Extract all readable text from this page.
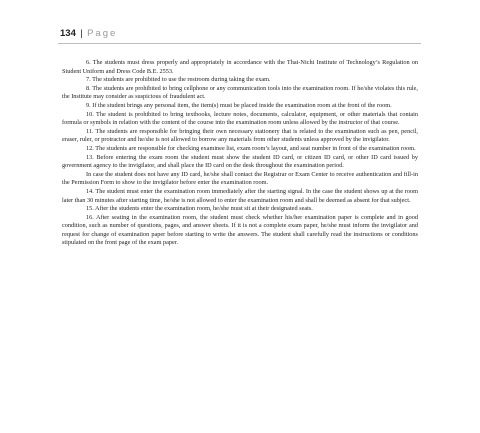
134 | Page

6. The students must dress properly and appropriately in accordance with the Thai-Nichi Institute of Technology’s Regulation on Student Uniform and Dress Code B.E. 2553.

7. The students are prohibited to use the restroom during taking the exam.

8. The students are prohibited to bring cellphone or any communication tools into the examination room. If he/she violates this rule, the Institute may consider as suspicious of fraudulent act.

9. If the student brings any personal item, the item(s) must be placed inside the examination room at the front of the room.

10. The student is prohibited to bring textbooks, lecture notes, documents, calculator, equipment, or other materials that contain formula or symbols in relation with the content of the course into the examination room unless allowed by the instructor of that course.

11. The students are responsible for bringing their own necessary stationery that is related to the examination such as pen, pencil, eraser, ruler, or protractor and he/she is not allowed to borrow any materials from other students unless approved by the invigilator.

12. The students are responsible for checking examinee list, exam room’s layout, and seat number in front of the examination room.

13. Before entering the exam room the student must show the student ID card, or citizen ID card, or other ID card issued by government agency to the invigilator, and shall place the ID card on the desk throughout the examination period.

In case the student does not have any ID card, he/she shall contact the Registrar or Exam Center to receive authentication and fill-in the Permission Form to show to the invigilator before enter the examination room.

14. The student must enter the examination room immediately after the starting signal. In the case the student shows up at the room later than 30 minutes after starting time, he/she is not allowed to enter the examination room and shall be deemed as absent for that subject.

15. After the students enter the examination room, he/she must sit at their designated seats.

16. After seating in the examination room, the student must check whether his/her examination paper is complete and in good condition, such as number of questions, pages, and answer sheets. If it is not a complete exam paper, he/she must inform the invigilator and request for change of examination paper before starting to write the answers. The student shall carefully read the instructions or conditions stipulated on the front page of the exam paper.
